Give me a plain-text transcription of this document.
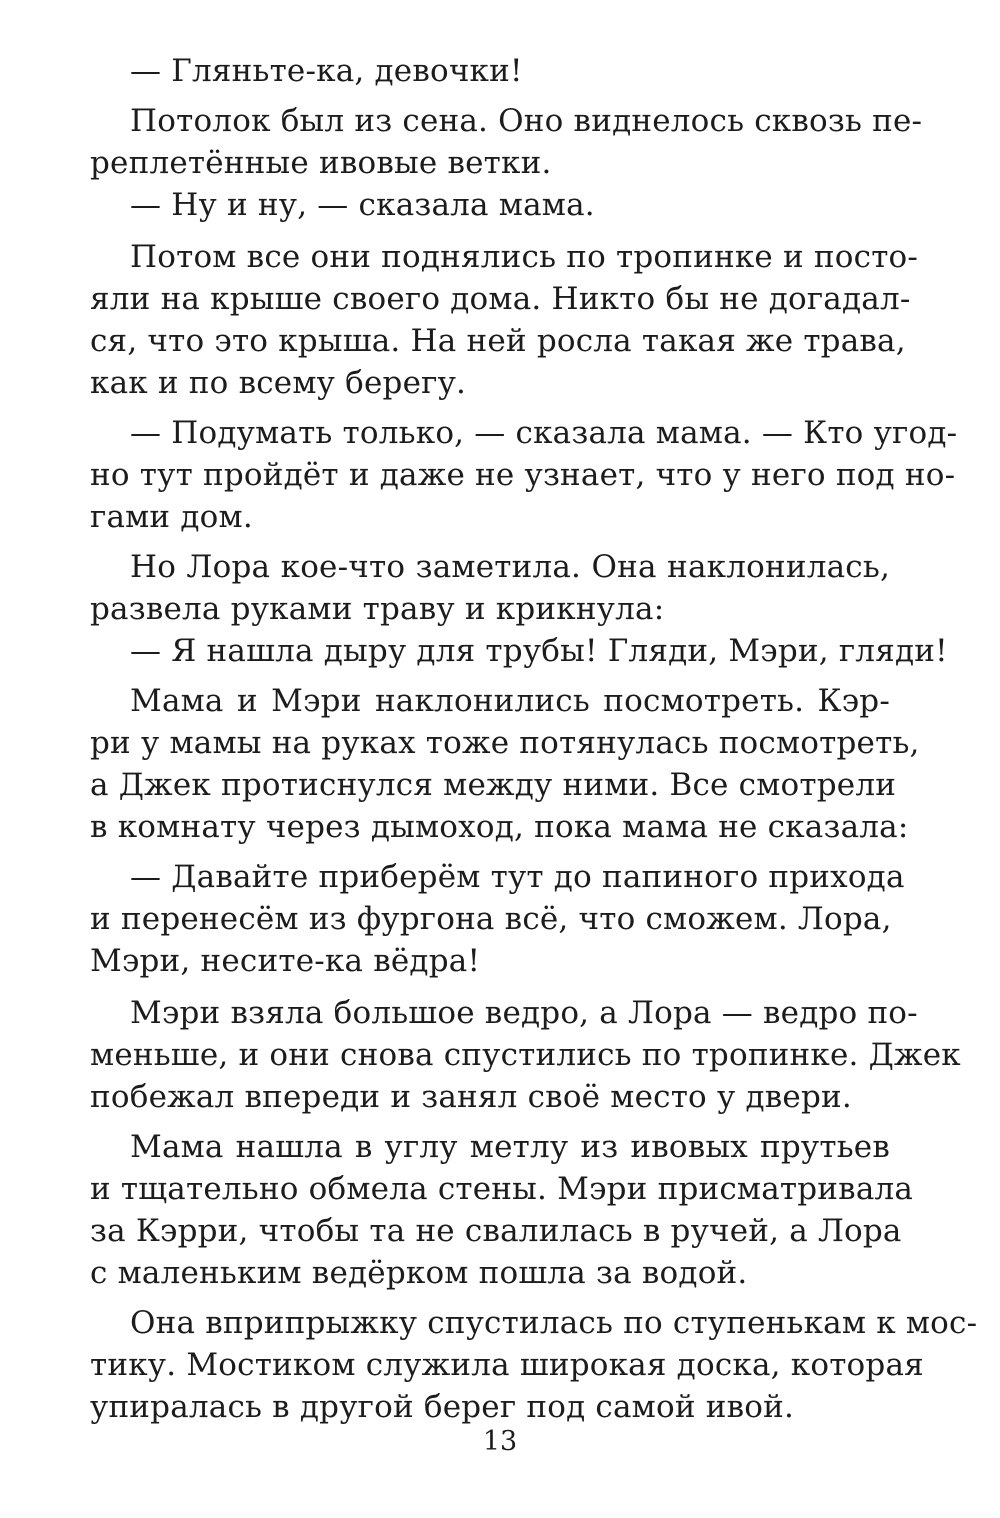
— Гляньте-ка, девочки!
Потолок был из сена. Оно виднелось сквозь пе-
реплетённые ивовые ветки.
— Ну и ну, — сказала мама.
Потом все они поднялись по тропинке и посто-
яли на крыше своего дома. Никто бы не догадал-
ся, что это крыша. На ней росла такая же трава,
как и по всему берегу.
— Подумать только, — сказала мама. — Кто угод-
но тут пройдёт и даже не узнает, что у него под но-
гами дом.
Но Лора кое-что заметила. Она наклонилась,
развела руками траву и крикнула:
— Я нашла дыру для трубы! Гляди, Мэри, гляди!
Мама и Мэри наклонились посмотреть. Кэр-
ри у мамы на руках тоже потянулась посмотреть,
а Джек протиснулся между ними. Все смотрели
в комнату через дымоход, пока мама не сказала:
— Давайте приберём тут до папиного прихода
и перенесём из фургона всё, что сможем. Лора,
Мэри, несите-ка вёдра!
Мэри взяла большое ведро, а Лора — ведро по-
меньше, и они снова спустились по тропинке. Джек
побежал впереди и занял своё место у двери.
Мама нашла в углу метлу из ивовых прутьев
и тщательно обмела стены. Мэри присматривала
за Кэрри, чтобы та не свалилась в ручей, а Лора
с маленьким ведёрком пошла за водой.
Она вприпрыжку спустилась по ступенькам к мос-
тику. Мостиком служила широкая доска, которая
упиралась в другой берег под самой ивой.
13
